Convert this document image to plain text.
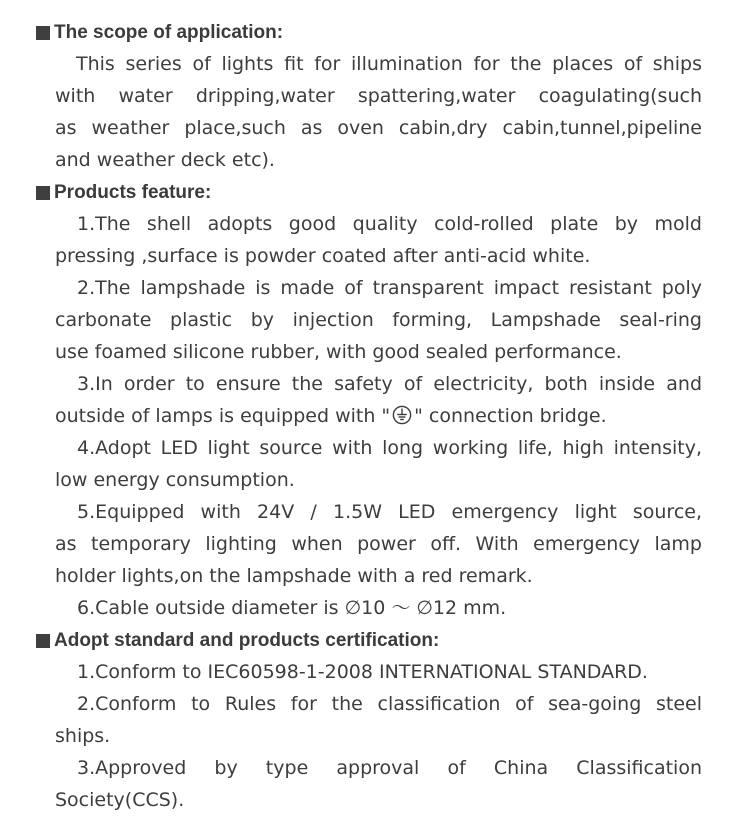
The scope of application:
This series of lights fit for illumination for the places of ships
with water dripping,water spattering,water coagulating(such
as weather place,such as oven cabin,dry cabin,tunnel,pipeline
and weather deck etc).
Products feature:
1.The shell adopts good quality cold-rolled plate by mold
pressing ,surface is powder coated after anti-acid white.
2.The lampshade is made of transparent impact resistant poly
carbonate plastic by injection forming, Lampshade seal-ring
use foamed silicone rubber, with good sealed performance.
3.In order to ensure the safety of electricity, both inside and
outside of lamps is equipped with " " connection bridge.
4.Adopt LED light source with long working life, high intensity,
low energy consumption.
5.Equipped with 24V / 1.5W LED emergency light source,
as temporary lighting when power off. With emergency lamp
holder lights,on the lampshade with a red remark.
6.Cable outside diameter is ∅10 ～ ∅12 mm.
Adopt standard and products certification:
1.Conform to IEC60598-1-2008 INTERNATIONAL STANDARD.
2.Conform to Rules for the classification of sea-going steel
ships.
3.Approved by type approval of China Classification
Society(CCS).
